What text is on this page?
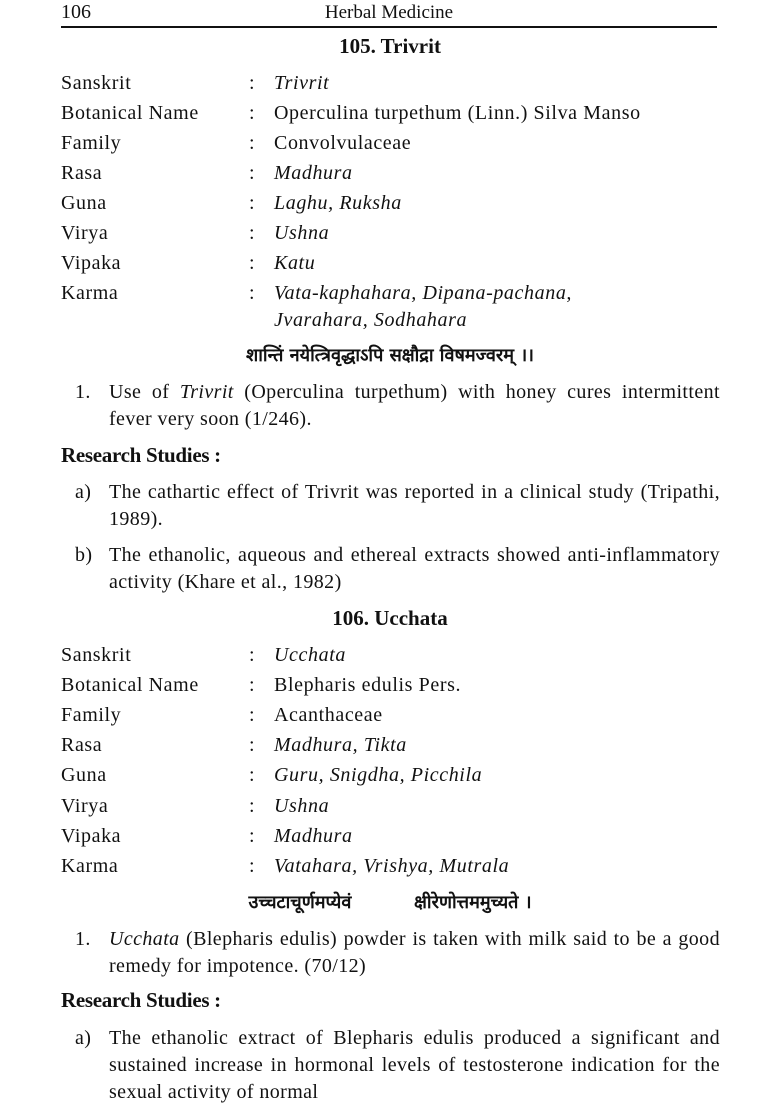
106	Herbal Medicine
105. Trivrit
Sanskrit	: Trivrit
Botanical Name	: Operculina turpethum (Linn.) Silva Manso
Family	: Convolvulaceae
Rasa	: Madhura
Guna	: Laghu, Ruksha
Virya	: Ushna
Vipaka	: Katu
Karma	: Vata-kaphahara, Dipana-pachana,
Jvarahara, Sodhahara
शान्तिं नयेत्त्रिवृद्धाऽपि सक्षौद्रा विषमज्वरम् ।।
1. Use of Trivrit (Operculina turpethum) with honey cures intermittent fever very soon (1/246).
Research Studies :
a) The cathartic effect of Trivrit was reported in a clinical study (Tripathi, 1989).
b) The ethanolic, aqueous and ethereal extracts showed anti-inflammatory activity (Khare et al., 1982)
106. Ucchata
Sanskrit	: Ucchata
Botanical Name	: Blepharis edulis Pers.
Family	: Acanthaceae
Rasa	: Madhura, Tikta
Guna	: Guru, Snigdha, Picchila
Virya	: Ushna
Vipaka	: Madhura
Karma	: Vatahara, Vrishya, Mutrala
उच्चटाचूर्णमप्येवं          क्षीरेणोत्तममुच्यते ।
1. Ucchata (Blepharis edulis) powder is taken with milk said to be a good remedy for impotence. (70/12)
Research Studies :
a) The ethanolic extract of Blepharis edulis produced a significant and sustained increase in hormonal levels of testosterone indication for the sexual activity of normal
